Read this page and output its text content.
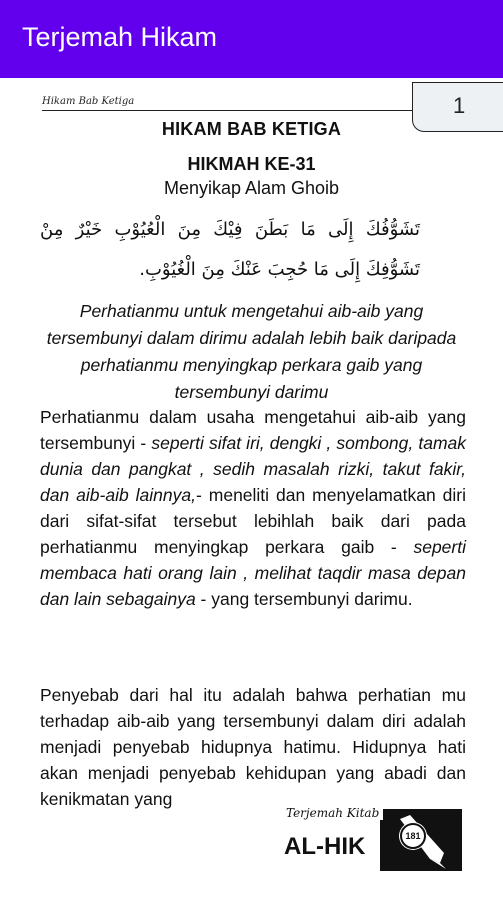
Terjemah Hikam
Hikam Bab Ketiga	1
HIKAM BAB KETIGA
HIKMAH KE-31
Menyikap Alam Ghoib
تَشَوُّفُكَ إِلَى مَا بَطَنَ فِيْكَ مِنَ الْعُيُوْبِ خَيْرٌ مِنْ تَشَوُّفِكَ إِلَى مَا حُجِبَ عَنْكَ مِنَ الْغُيُوْبِ.
Perhatianmu untuk mengetahui aib-aib yang tersembunyi dalam dirimu adalah lebih baik daripada perhatianmu menyingkap perkara gaib yang tersembunyi darimu
Perhatianmu dalam usaha mengetahui aib-aib yang tersembunyi - seperti sifat iri, dengki , sombong, tamak dunia dan pangkat , sedih masalah rizki, takut fakir, dan aib-aib lainnya,- meneliti dan menyelamatkan diri dari sifat-sifat tersebut lebihlah baik dari pada perhatianmu menyingkap perkara gaib - seperti membaca hati orang lain , melihat taqdir masa depan dan lain sebagainya - yang tersembunyi darimu.
Penyebab dari hal itu adalah bahwa perhatian mu terhadap aib-aib yang tersembunyi dalam diri adalah menjadi penyebab hidupnya hatimu. Hidupnya hati akan menjadi penyebab kehidupan yang abadi dan kenikmatan yang
181
Terjemah Kitab
AL-HIK
